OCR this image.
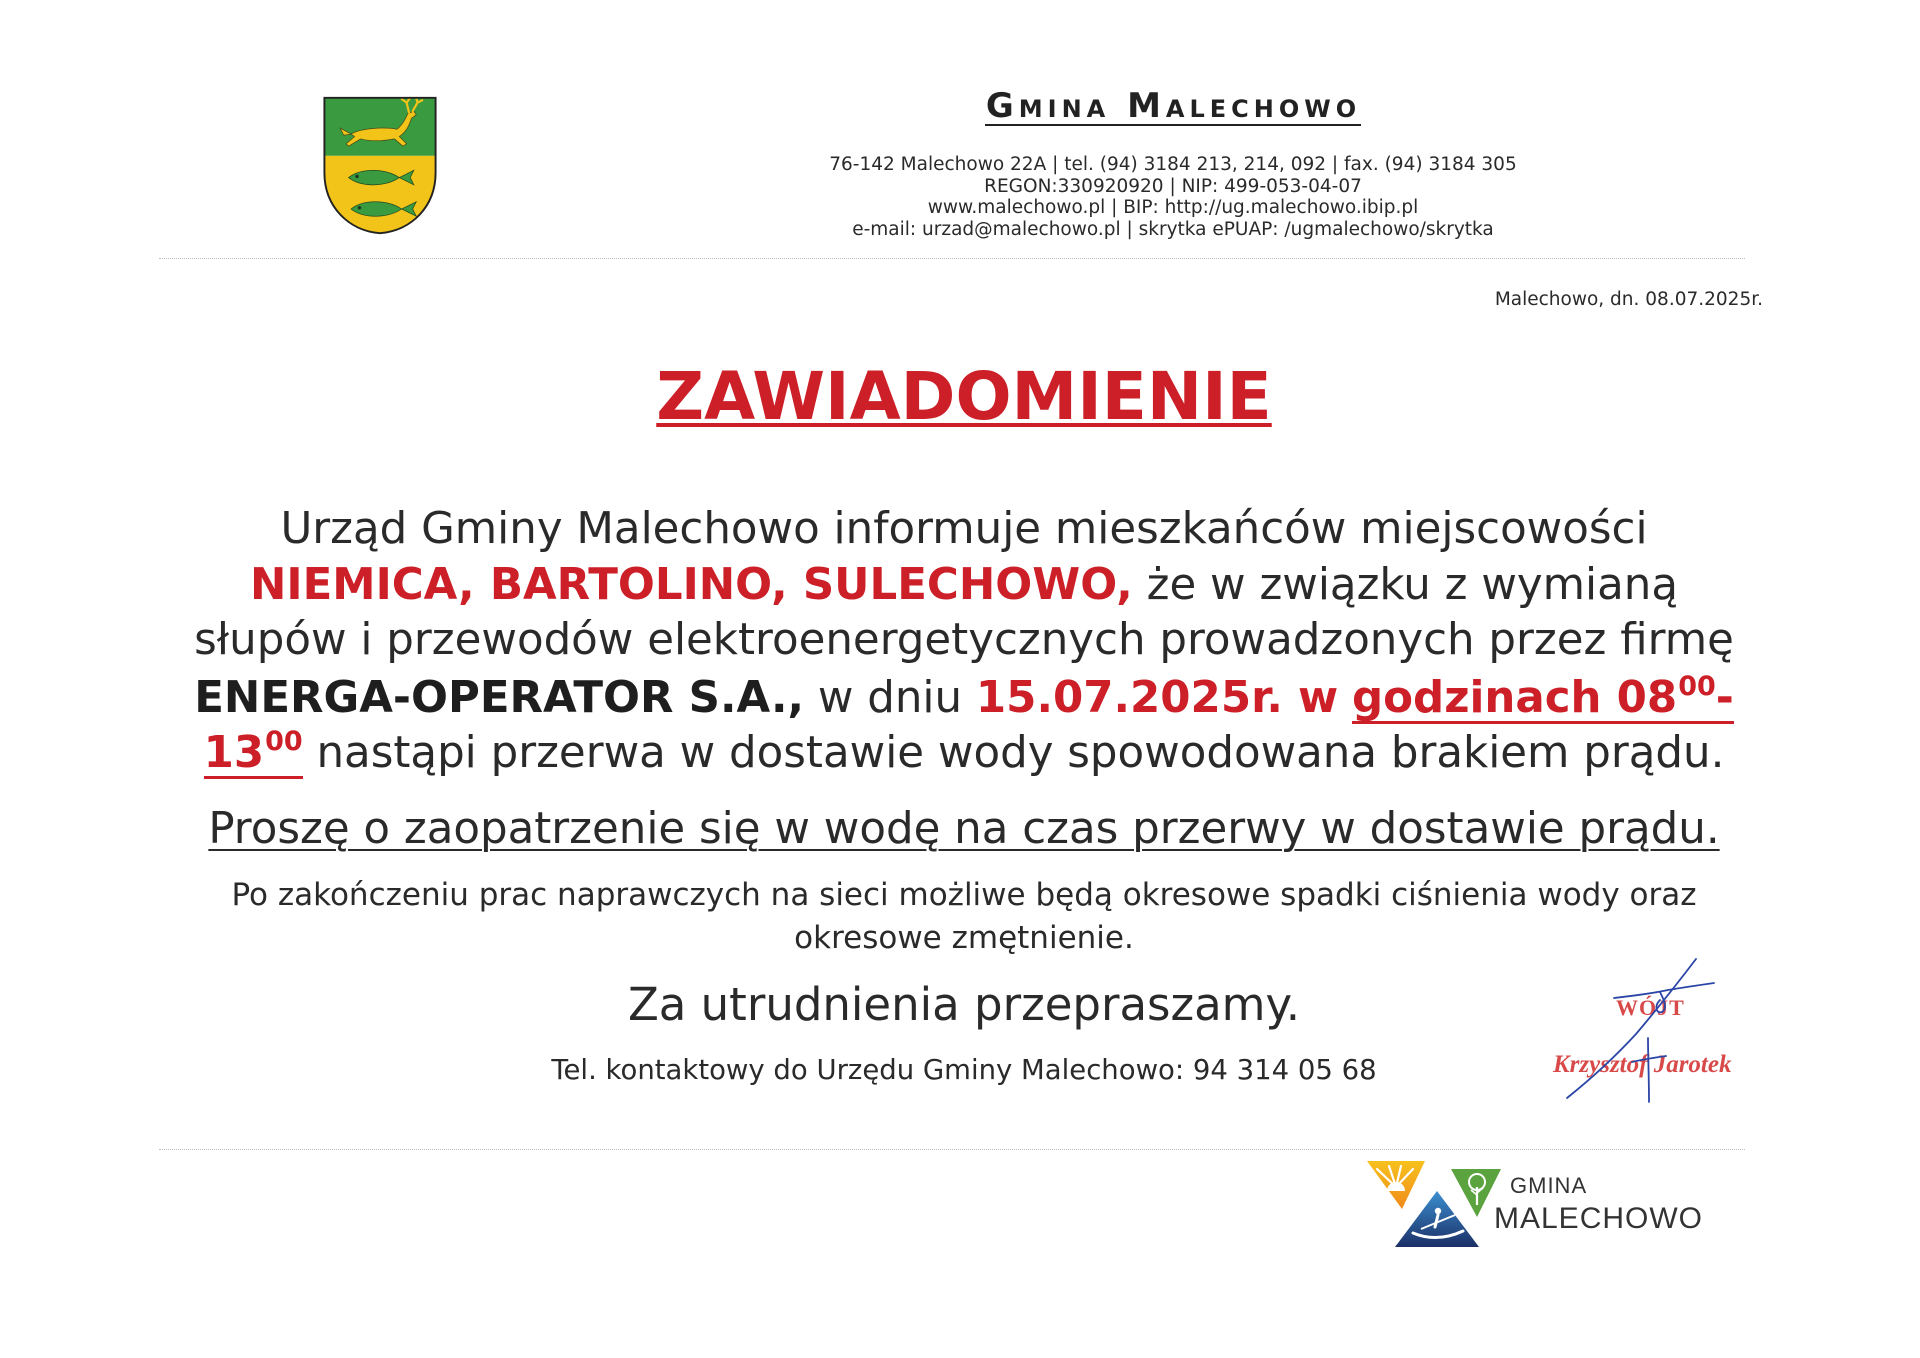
Gmina malechowo
76-142 Malechowo 22A | tel. (94) 3184 213, 214, 092 | fax. (94) 3184 305
REGON:330920920 | NIP: 499-053-04-07
www.malechowo.pl | BIP: http://ug.malechowo.ibip.pl
e-mail: urzad@malechowo.pl | skrytka ePUAP: /ugmalechowo/skrytka
Malechowo, dn. 08.07.2025r.
ZAWIADOMIENIE
Urząd Gminy Malechowo informuje mieszkańców miejscowości
NIEMICA, BARTOLINO, SULECHOWO, że w związku z wymianą
słupów i przewodów elektroenergetycznych prowadzonych przez firmę
ENERGA-OPERATOR S.A., w dniu 15.07.2025r. w godzinach $08^{00}-$
$13^{00}$ nastąpi przerwa w dostawie wody spowodowana brakiem prądu.
Proszę o zaopatrzenie się w wodę na czas przerwy w dostawie prądu.
Po zakończeniu prac naprawczych na sieci możliwe będą okresowe spadki ciśnienia wody oraz
okresowe zmętnienie.
Za utrudnienia przepraszamy.
Tel. kontaktowy do Urzędu Gminy Malechowo: 94 314 05 68
WÓJT
Krzysztof Jarotek
GMINA
MALECHOWO
